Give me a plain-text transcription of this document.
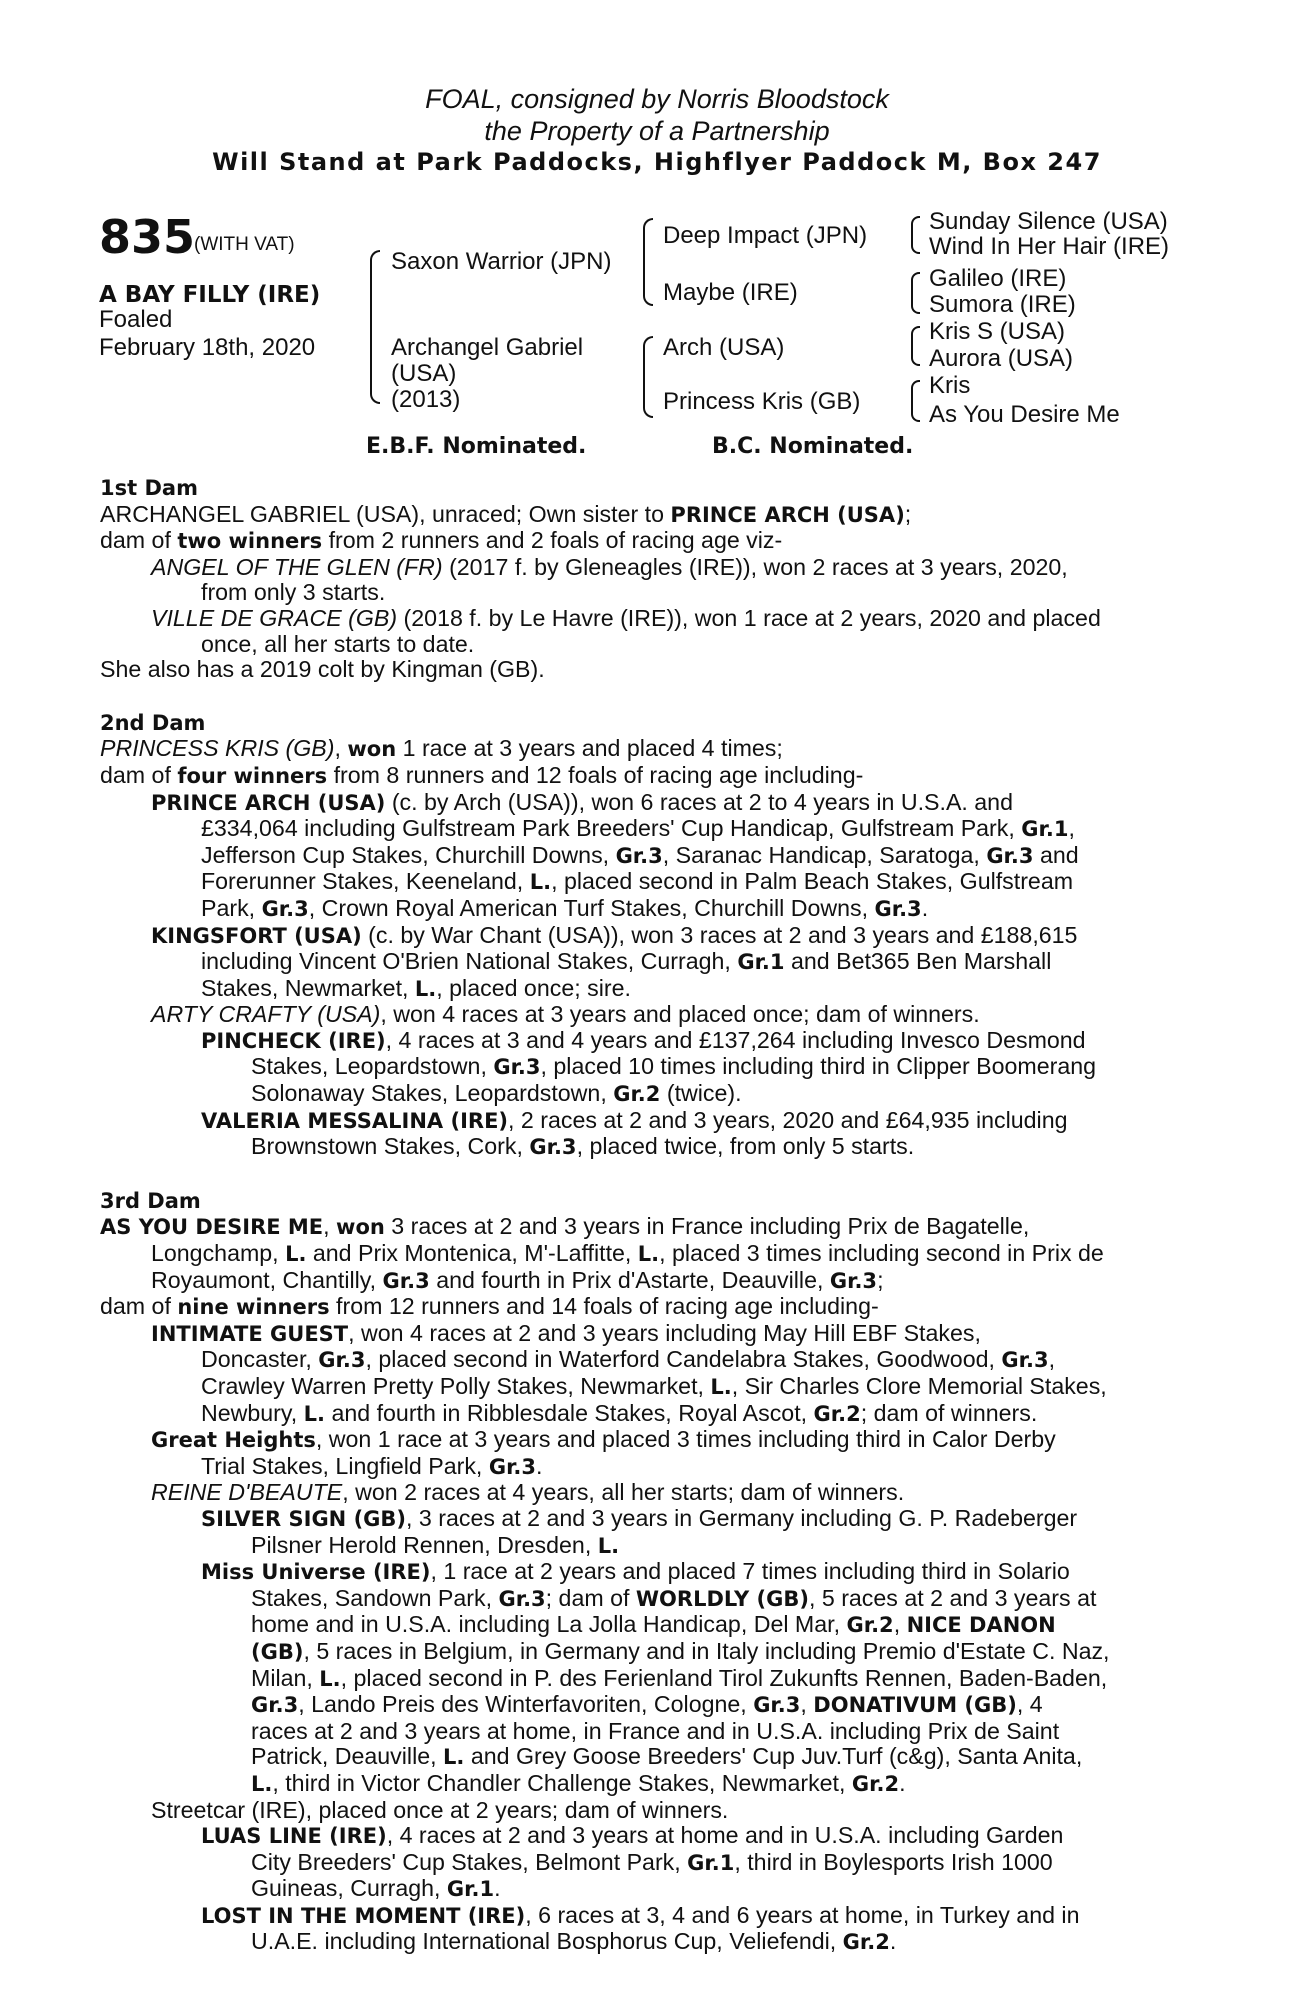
FOAL, consigned by Norris Bloodstock
the Property of a Partnership
Will Stand at Park Paddocks, Highflyer Paddock M, Box 247
835
(WITH VAT)
A BAY FILLY (IRE)
Foaled
February 18th, 2020
Saxon Warrior (JPN)
Archangel Gabriel
(USA)
(2013)
Deep Impact (JPN)
Maybe (IRE)
Arch (USA)
Princess Kris (GB)
Sunday Silence (USA)
Wind In Her Hair (IRE)
Galileo (IRE)
Sumora (IRE)
Kris S (USA)
Aurora (USA)
Kris
As You Desire Me
E.B.F. Nominated.	B.C. Nominated.
1st Dam
ARCHANGEL GABRIEL (USA), unraced; Own sister to PRINCE ARCH (USA);
dam of two winners from 2 runners and 2 foals of racing age viz-
ANGEL OF THE GLEN (FR) (2017 f. by Gleneagles (IRE)), won 2 races at 3 years, 2020,
from only 3 starts.
VILLE DE GRACE (GB) (2018 f. by Le Havre (IRE)), won 1 race at 2 years, 2020 and placed
once, all her starts to date.
She also has a 2019 colt by Kingman (GB).
2nd Dam
PRINCESS KRIS (GB), won 1 race at 3 years and placed 4 times;
dam of four winners from 8 runners and 12 foals of racing age including-
PRINCE ARCH (USA) (c. by Arch (USA)), won 6 races at 2 to 4 years in U.S.A. and
£334,064 including Gulfstream Park Breeders' Cup Handicap, Gulfstream Park, Gr.1,
Jefferson Cup Stakes, Churchill Downs, Gr.3, Saranac Handicap, Saratoga, Gr.3 and
Forerunner Stakes, Keeneland, L., placed second in Palm Beach Stakes, Gulfstream
Park, Gr.3, Crown Royal American Turf Stakes, Churchill Downs, Gr.3.
KINGSFORT (USA) (c. by War Chant (USA)), won 3 races at 2 and 3 years and £188,615
including Vincent O'Brien National Stakes, Curragh, Gr.1 and Bet365 Ben Marshall
Stakes, Newmarket, L., placed once; sire.
ARTY CRAFTY (USA), won 4 races at 3 years and placed once; dam of winners.
PINCHECK (IRE), 4 races at 3 and 4 years and £137,264 including Invesco Desmond
Stakes, Leopardstown, Gr.3, placed 10 times including third in Clipper Boomerang
Solonaway Stakes, Leopardstown, Gr.2 (twice).
VALERIA MESSALINA (IRE), 2 races at 2 and 3 years, 2020 and £64,935 including
Brownstown Stakes, Cork, Gr.3, placed twice, from only 5 starts.
3rd Dam
AS YOU DESIRE ME, won 3 races at 2 and 3 years in France including Prix de Bagatelle,
Longchamp, L. and Prix Montenica, M'-Laffitte, L., placed 3 times including second in Prix de
Royaumont, Chantilly, Gr.3 and fourth in Prix d'Astarte, Deauville, Gr.3;
dam of nine winners from 12 runners and 14 foals of racing age including-
INTIMATE GUEST, won 4 races at 2 and 3 years including May Hill EBF Stakes,
Doncaster, Gr.3, placed second in Waterford Candelabra Stakes, Goodwood, Gr.3,
Crawley Warren Pretty Polly Stakes, Newmarket, L., Sir Charles Clore Memorial Stakes,
Newbury, L. and fourth in Ribblesdale Stakes, Royal Ascot, Gr.2; dam of winners.
Great Heights, won 1 race at 3 years and placed 3 times including third in Calor Derby
Trial Stakes, Lingfield Park, Gr.3.
REINE D'BEAUTE, won 2 races at 4 years, all her starts; dam of winners.
SILVER SIGN (GB), 3 races at 2 and 3 years in Germany including G. P. Radeberger
Pilsner Herold Rennen, Dresden, L.
Miss Universe (IRE), 1 race at 2 years and placed 7 times including third in Solario
Stakes, Sandown Park, Gr.3; dam of WORLDLY (GB), 5 races at 2 and 3 years at
home and in U.S.A. including La Jolla Handicap, Del Mar, Gr.2, NICE DANON
(GB), 5 races in Belgium, in Germany and in Italy including Premio d'Estate C. Naz,
Milan, L., placed second in P. des Ferienland Tirol Zukunfts Rennen, Baden-Baden,
Gr.3, Lando Preis des Winterfavoriten, Cologne, Gr.3, DONATIVUM (GB), 4
races at 2 and 3 years at home, in France and in U.S.A. including Prix de Saint
Patrick, Deauville, L. and Grey Goose Breeders' Cup Juv.Turf (c&g), Santa Anita,
L., third in Victor Chandler Challenge Stakes, Newmarket, Gr.2.
Streetcar (IRE), placed once at 2 years; dam of winners.
LUAS LINE (IRE), 4 races at 2 and 3 years at home and in U.S.A. including Garden
City Breeders' Cup Stakes, Belmont Park, Gr.1, third in Boylesports Irish 1000
Guineas, Curragh, Gr.1.
LOST IN THE MOMENT (IRE), 6 races at 3, 4 and 6 years at home, in Turkey and in
U.A.E. including International Bosphorus Cup, Veliefendi, Gr.2.
